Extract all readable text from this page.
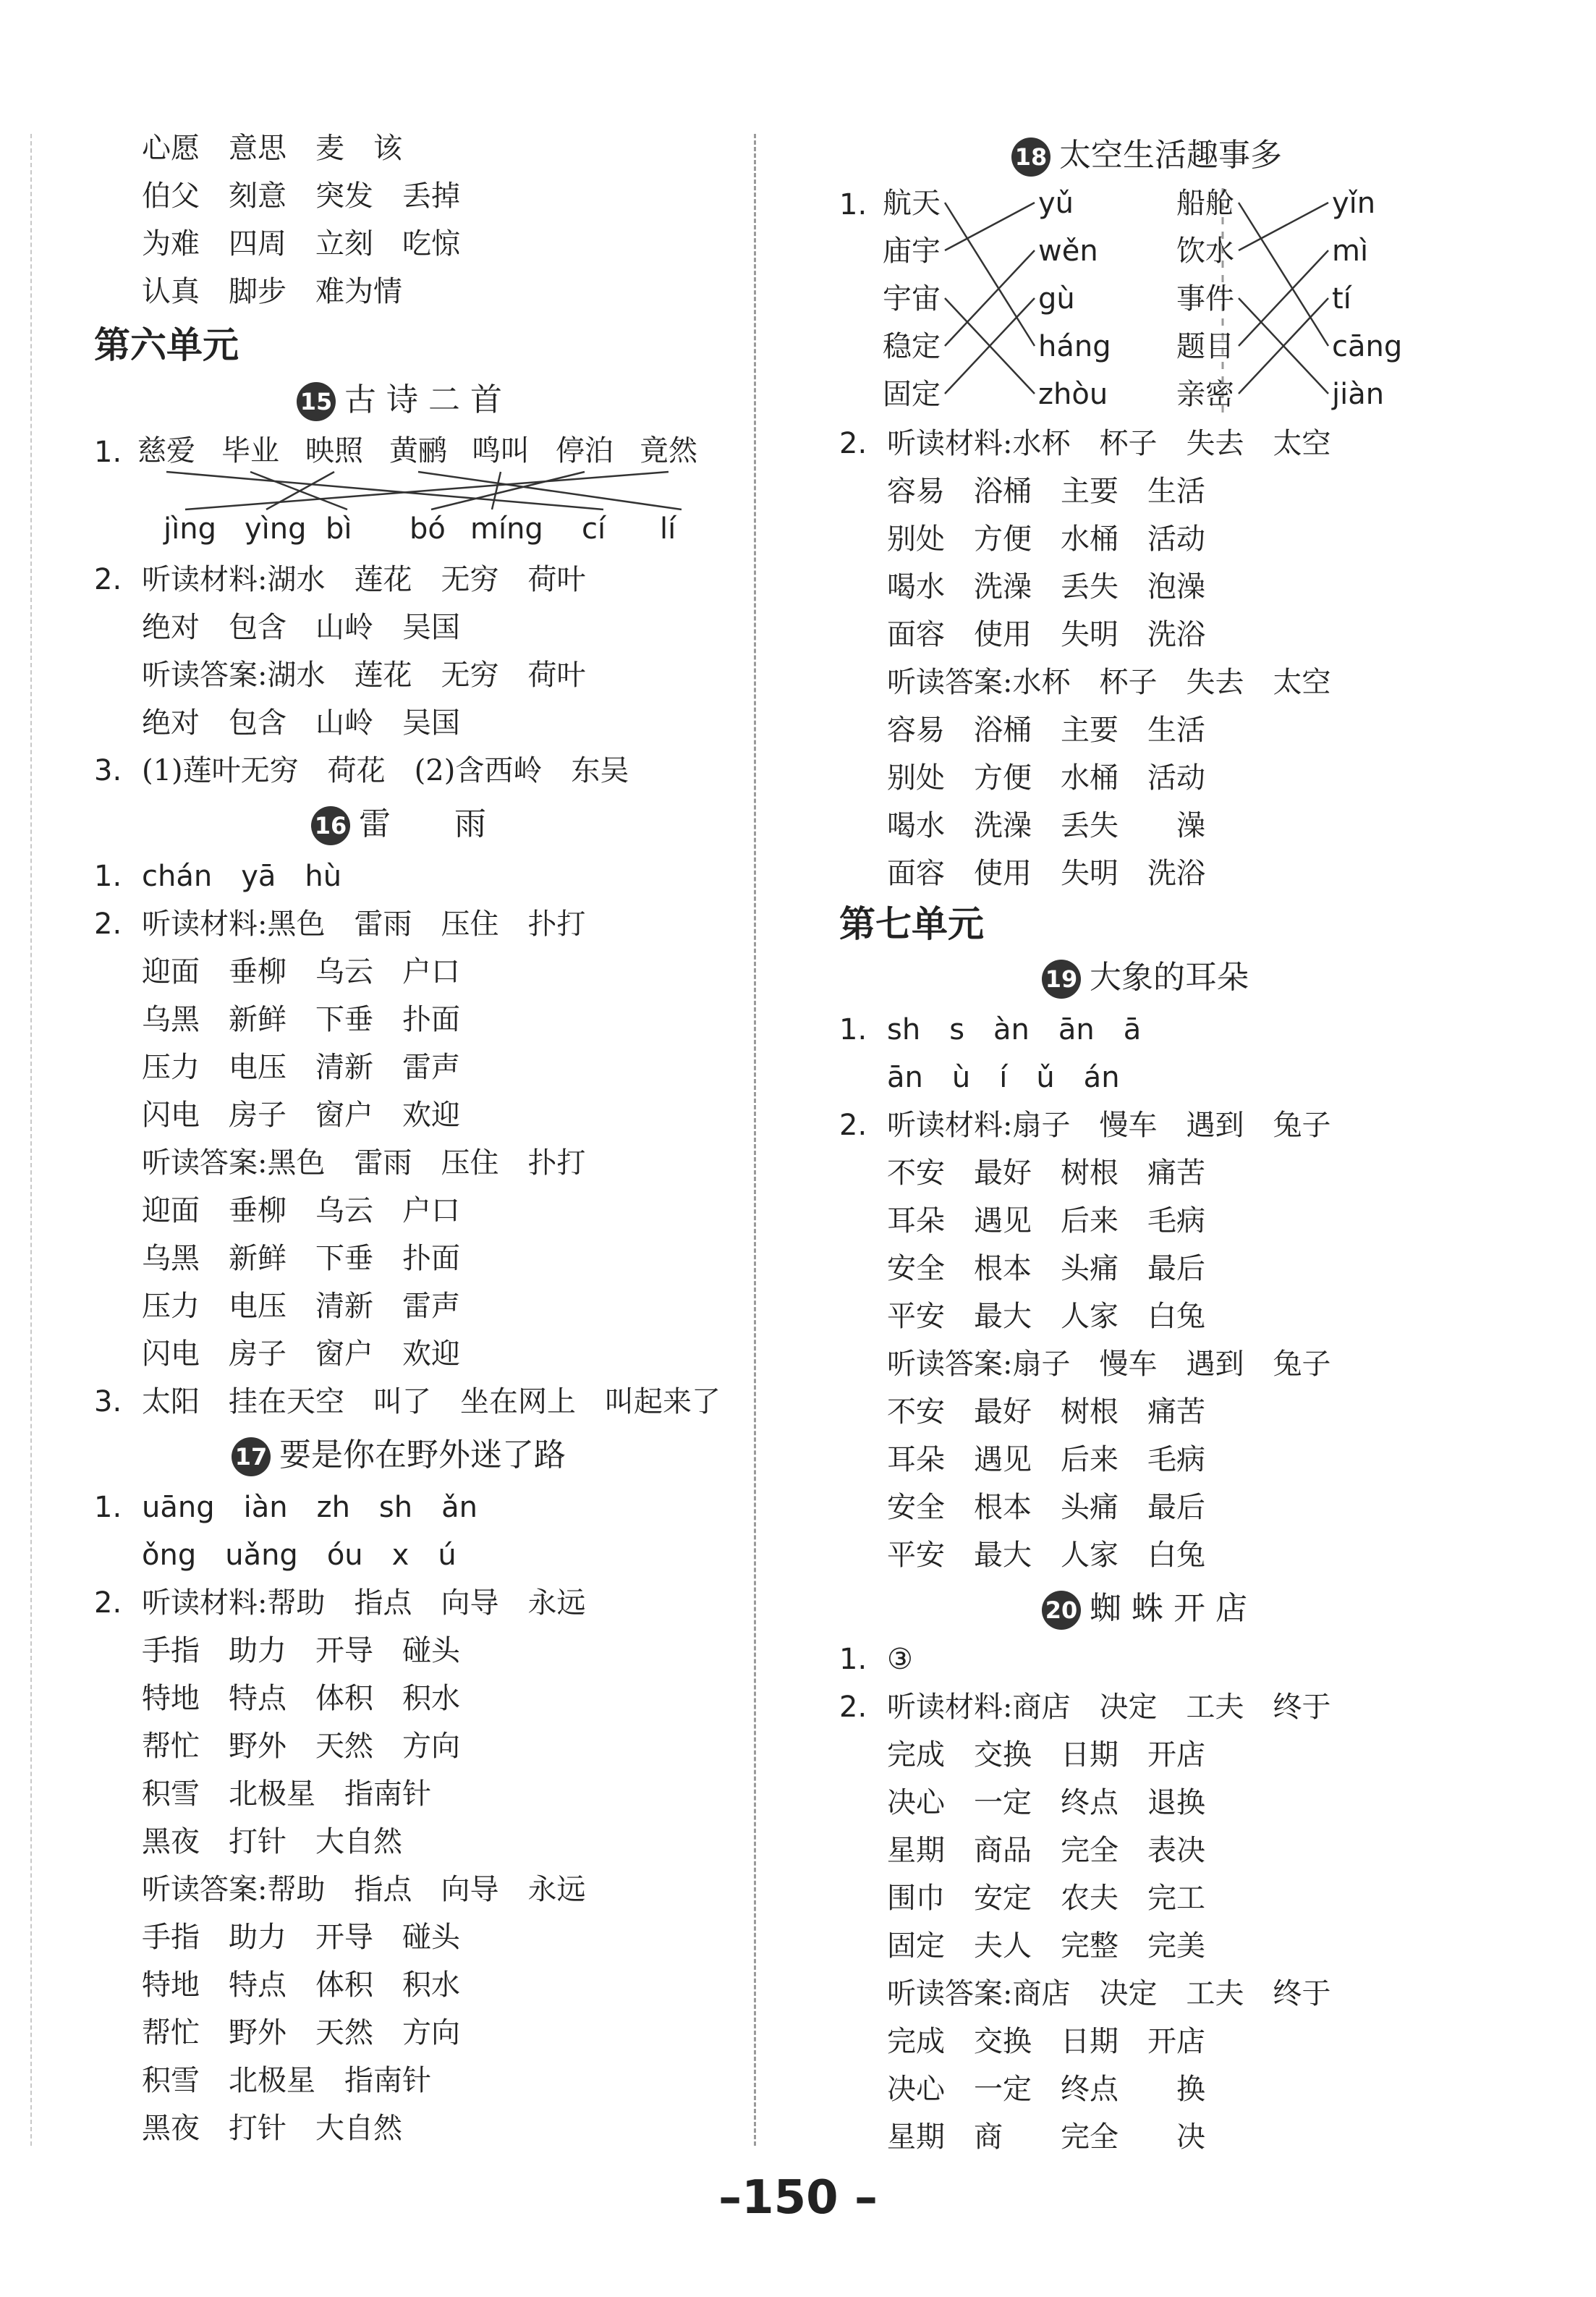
心愿 意思 麦 该
伯父 刻意 突发 丢掉
为难 四周 立刻 吃惊
认真 脚步 难为情
第六单元
15 古 诗 二 首
1. 慈爱 毕业 映照 黄鹂 鸣叫 停泊 竟然
jìng yìng bì bó míng cí lí
2. 听读材料:湖水　莲花　无穷　荷叶
绝对　包含　山岭　吴国
听读答案:湖水　莲花　无穷　荷叶
绝对　包含　山岭　吴国
3. (1)莲叶无穷　荷花　(2)含西岭　东吴
16 雷　　雨
1. chán　yā　hù
2. 听读材料:黑色　雷雨　压住　扑打
迎面　垂柳　乌云　户口
乌黑　新鲜　下垂　扑面
压力　电压　清新　雷声
闪电　房子　窗户　欢迎
听读答案:黑色　雷雨　压住　扑打
迎面　垂柳　乌云　户口
乌黑　新鲜　下垂　扑面
压力　电压　清新　雷声
闪电　房子　窗户　欢迎
3. 太阳　挂在天空　叫了　坐在网上　叫起来了
17 要是你在野外迷了路
1. uāng　iàn　zh　sh　ǎn
ǒng　uǎng　óu　x　ú
2. 听读材料:帮助　指点　向导　永远
手指　助力　开导　碰头
特地　特点　体积　积水
帮忙　野外　天然　方向
积雪　北极星　指南针
黑夜　打针　大自然
听读答案:帮助　指点　向导　永远
手指　助力　开导　碰头
特地　特点　体积　积水
帮忙　野外　天然　方向
积雪　北极星　指南针
黑夜　打针　大自然
18 太空生活趣事多
1. 航天
庙宇
宇宙
稳定
固定
yǔ
wěn
gù
háng
zhòu
船舱
饮水
事件
题目
亲密
yǐn
mì
tí
cāng
jiàn
2. 听读材料:水杯　杯子　失去　太空
容易　浴桶　主要　生活
别处　方便　水桶　活动
喝水　洗澡　丢失　泡澡
面容　使用　失明　洗浴
听读答案:水杯　杯子　失去　太空
容易　浴桶　主要　生活
别处　方便　水桶　活动
喝水　洗澡　丢失　　澡
面容　使用　失明　洗浴
第七单元
19 大象的耳朵
1. sh　s　àn　ān　ā
ān　ù　í　ǔ　án
2. 听读材料:扇子　慢车　遇到　兔子
不安　最好　树根　痛苦
耳朵　遇见　后来　毛病
安全　根本　头痛　最后
平安　最大　人家　白兔
听读答案:扇子　慢车　遇到　兔子
不安　最好　树根　痛苦
耳朵　遇见　后来　毛病
安全　根本　头痛　最后
平安　最大　人家　白兔
20 蜘 蛛 开 店
1. ③
2. 听读材料:商店　决定　工夫　终于
完成　交换　日期　开店
决心　一定　终点　退换
星期　商品　完全　表决
围巾　安定　农夫　完工
固定　夫人　完整　完美
听读答案:商店　决定　工夫　终于
完成　交换　日期　开店
决心　一定　终点　　换
星期　商　　完全　　决
–150 –
